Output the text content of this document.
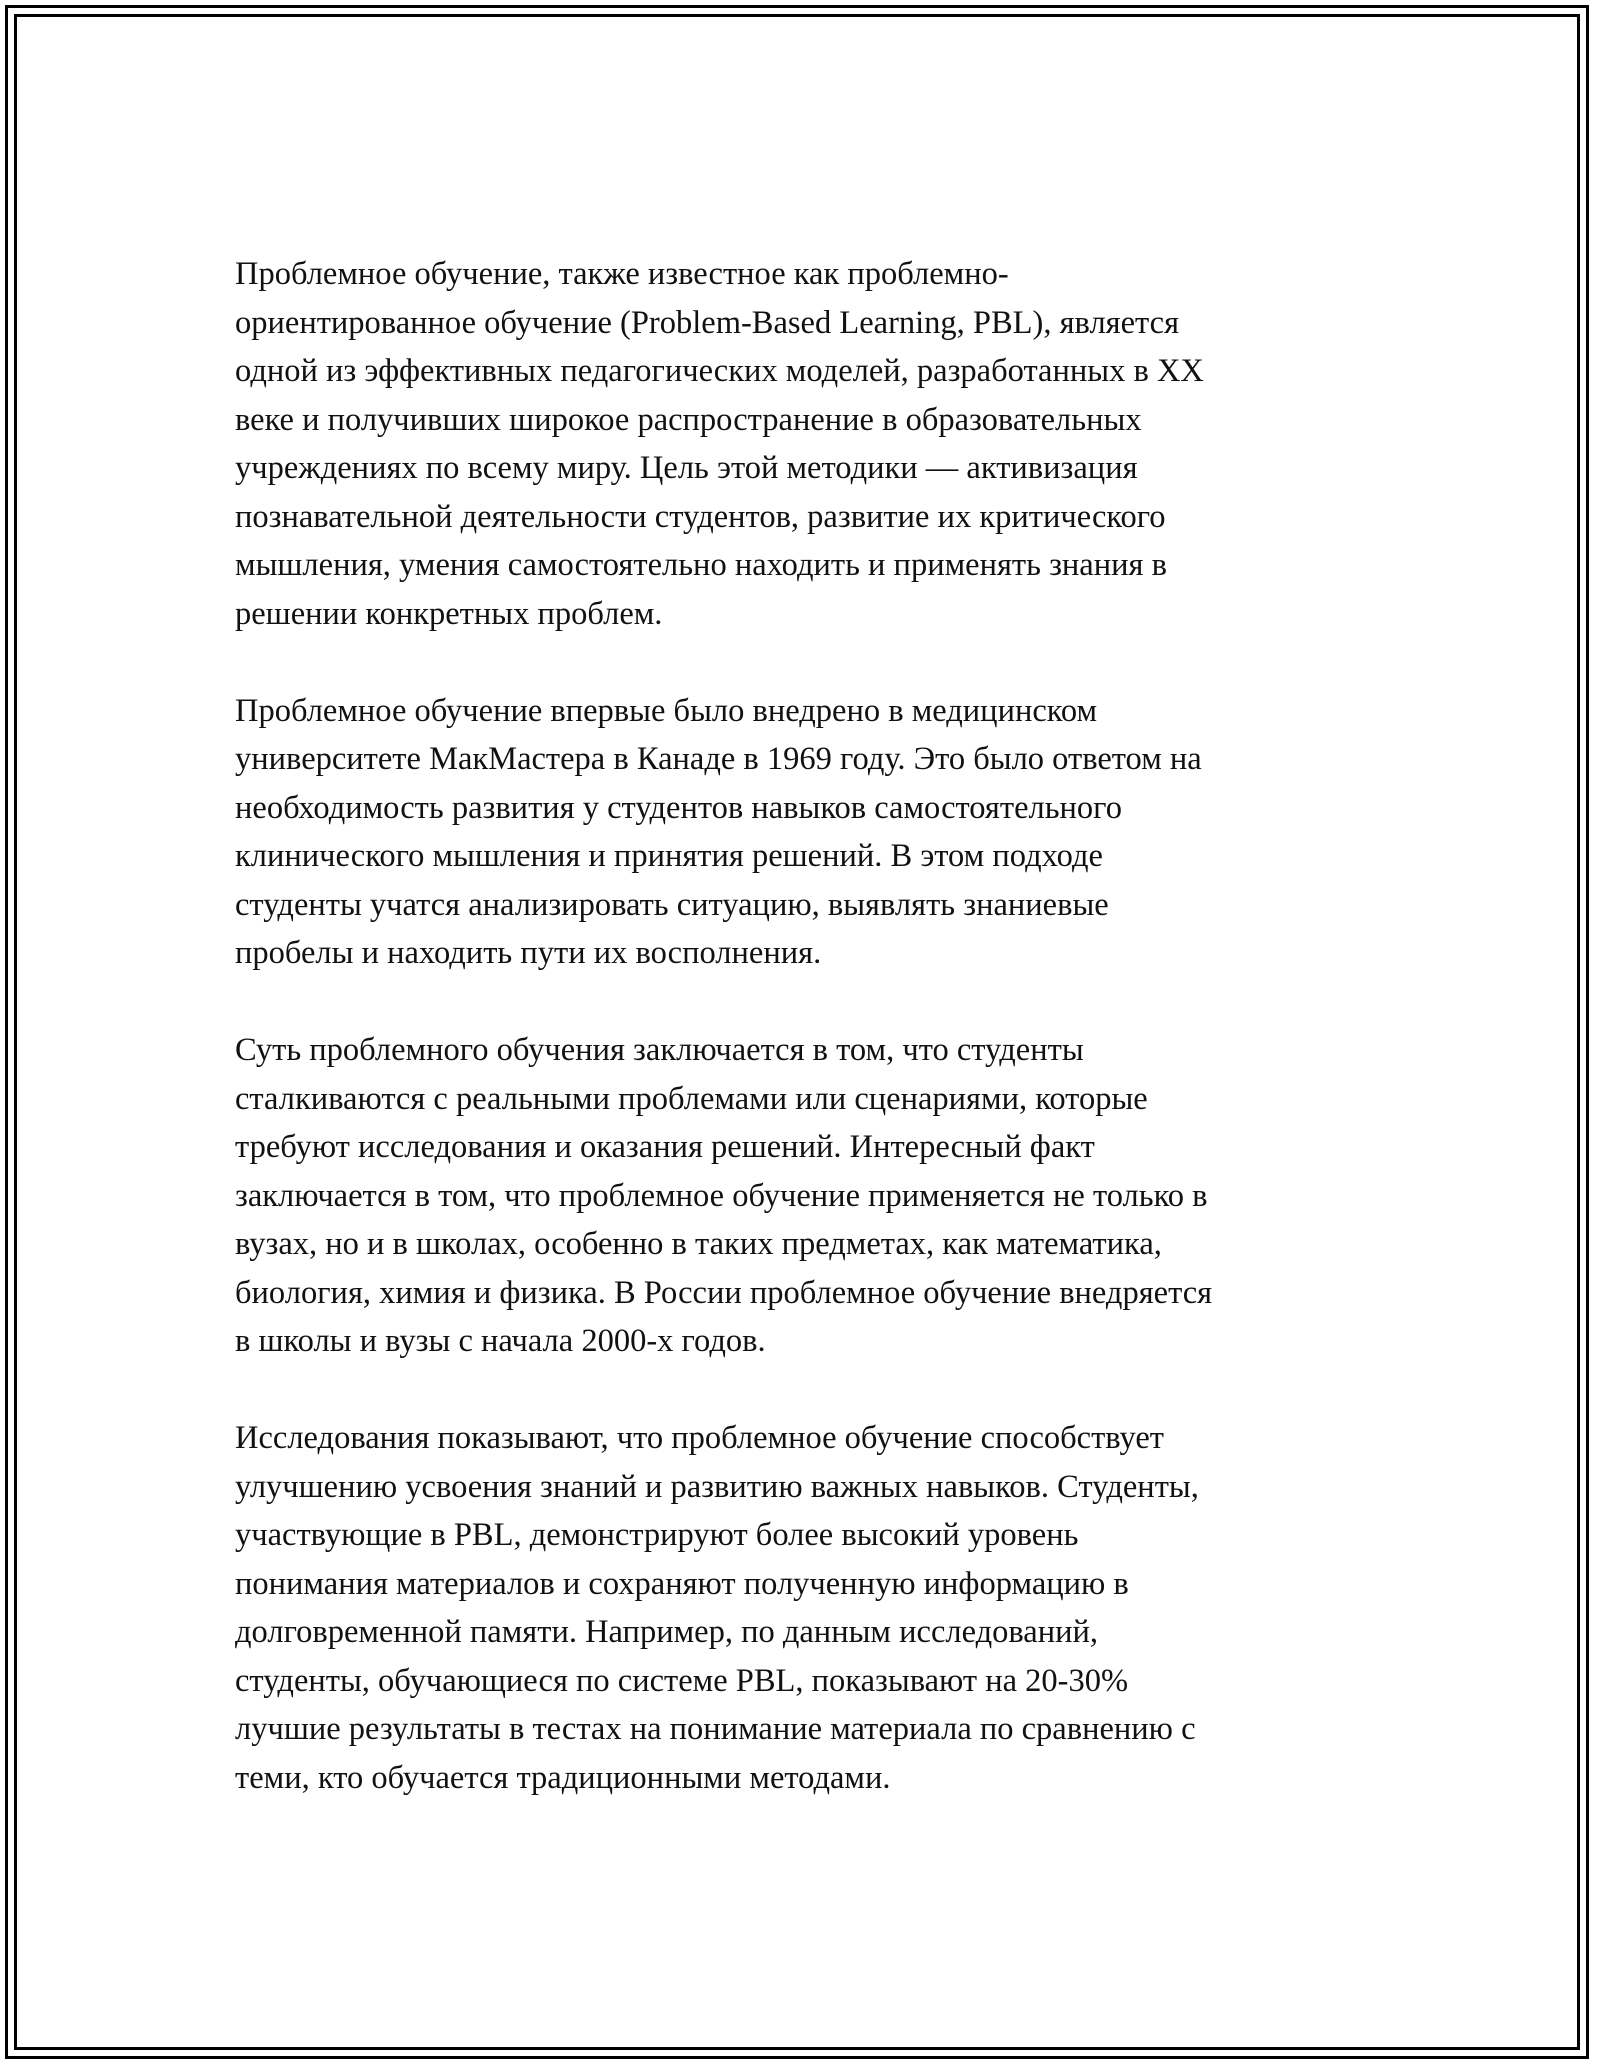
Проблемное обучение, также известное как проблемно-
ориентированное обучение (Problem-Based Learning, PBL), является
одной из эффективных педагогических моделей, разработанных в XX
веке и получивших широкое распространение в образовательных
учреждениях по всему миру. Цель этой методики — активизация
познавательной деятельности студентов, развитие их критического
мышления, умения самостоятельно находить и применять знания в
решении конкретных проблем.

Проблемное обучение впервые было внедрено в медицинском
университете МакМастера в Канаде в 1969 году. Это было ответом на
необходимость развития у студентов навыков самостоятельного
клинического мышления и принятия решений. В этом подходе
студенты учатся анализировать ситуацию, выявлять знаниевые
пробелы и находить пути их восполнения.

Суть проблемного обучения заключается в том, что студенты
сталкиваются с реальными проблемами или сценариями, которые
требуют исследования и оказания решений. Интересный факт
заключается в том, что проблемное обучение применяется не только в
вузах, но и в школах, особенно в таких предметах, как математика,
биология, химия и физика. В России проблемное обучение внедряется
в школы и вузы с начала 2000-х годов.

Исследования показывают, что проблемное обучение способствует
улучшению усвоения знаний и развитию важных навыков. Студенты,
участвующие в PBL, демонстрируют более высокий уровень
понимания материалов и сохраняют полученную информацию в
долговременной памяти. Например, по данным исследований,
студенты, обучающиеся по системе PBL, показывают на 20-30%
лучшие результаты в тестах на понимание материала по сравнению с
теми, кто обучается традиционными методами.
